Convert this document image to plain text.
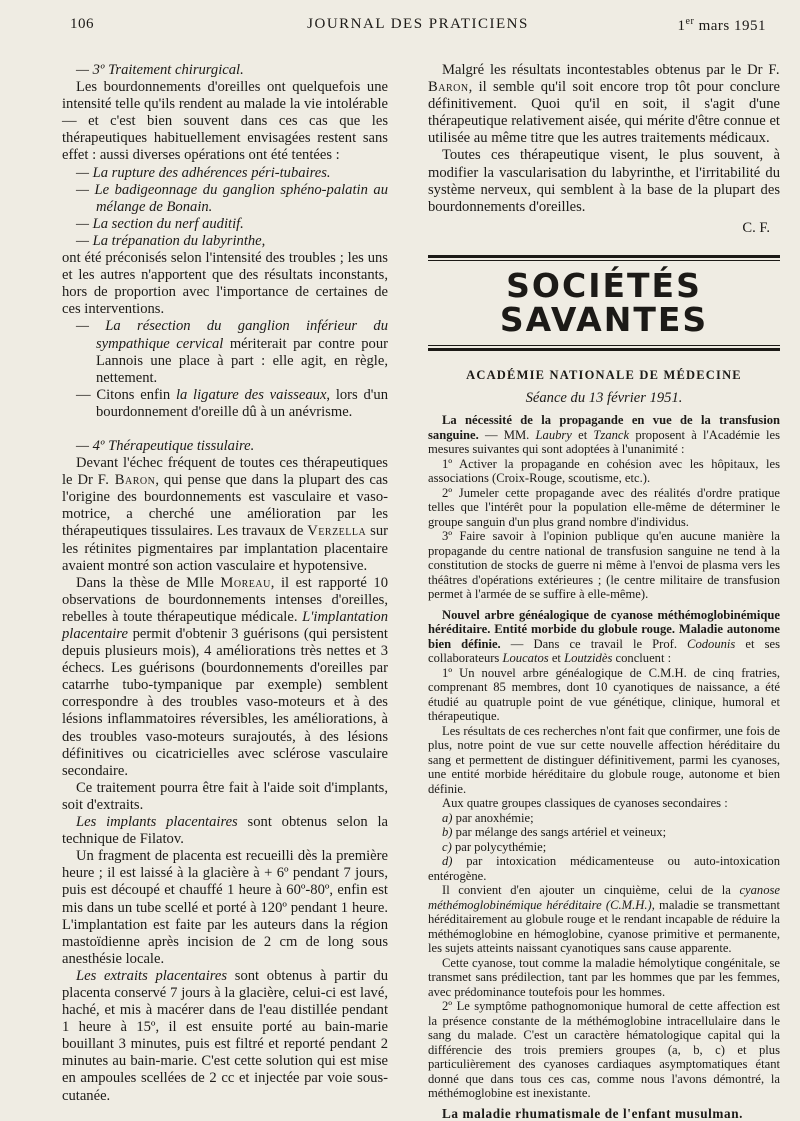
106	JOURNAL DES PRATICIENS	1er mars 1951

— 3º Traitement chirurgical.

Les bourdonnements d'oreilles ont quelquefois une intensité telle qu'ils rendent au malade la vie intolérable — et c'est bien souvent dans ces cas que les thérapeutiques habituellement envisagées restent sans effet : aussi diverses opérations ont été tentées :

— La rupture des adhérences péri-tubaires.

— Le badigeonnage du ganglion sphéno-palatin au mélange de Bonain.

— La section du nerf auditif.

— La trépanation du labyrinthe,

ont été préconisés selon l'intensité des troubles ; les uns et les autres n'apportent que des résultats inconstants, hors de proportion avec l'importance de certaines de ces interventions.

— La résection du ganglion inférieur du sympathique cervical mériterait par contre pour Lannois une place à part : elle agit, en règle, nettement.

— Citons enfin la ligature des vaisseaux, lors d'un bourdonnement d'oreille dû à un anévrisme.

— 4º Thérapeutique tissulaire.

Devant l'échec fréquent de toutes ces thérapeutiques le Dr F. Baron, qui pense que dans la plupart des cas l'origine des bourdonnements est vasculaire et vaso-motrice, a cherché une amélioration par les thérapeutiques tissulaires. Les travaux de Verzella sur les rétinites pigmentaires par implantation placentaire avaient montré son action vasculaire et hypotensive.

Dans la thèse de Mlle Moreau, il est rapporté 10 observations de bourdonnements intenses d'oreilles, rebelles à toute thérapeutique médicale. L'implantation placentaire permit d'obtenir 3 guérisons (qui persistent depuis plusieurs mois), 4 améliorations très nettes et 3 échecs. Les guérisons (bourdonnements d'oreilles par catarrhe tubo-tympanique par exemple) semblent correspondre à des troubles vaso-moteurs et à des lésions inflammatoires réversibles, les améliorations, à des troubles vaso-moteurs surajoutés, à des lésions définitives ou cicatricielles avec sclérose vasculaire secondaire.

Ce traitement pourra être fait à l'aide soit d'implants, soit d'extraits.

Les implants placentaires sont obtenus selon la technique de Filatov.

Un fragment de placenta est recueilli dès la première heure ; il est laissé à la glacière à + 6º pendant 7 jours, puis est découpé et chauffé 1 heure à 60º-80º, enfin est mis dans un tube scellé et porté à 120º pendant 1 heure. L'implantation est faite par les auteurs dans la région mastoïdienne après incision de 2 cm de long sous anesthésie locale.

Les extraits placentaires sont obtenus à partir du placenta conservé 7 jours à la glacière, celui-ci est lavé, haché, et mis à macérer dans de l'eau distillée pendant 1 heure à 15º, il est ensuite porté au bain-marie bouillant 3 minutes, puis est filtré et reporté pendant 2 minutes au bain-marie. C'est cette solution qui est mise en ampoules scellées de 2 cc et injectée par voie sous-cutanée.

Malgré les résultats incontestables obtenus par le Dr F. Baron, il semble qu'il soit encore trop tôt pour conclure définitivement. Quoi qu'il en soit, il s'agit d'une thérapeutique relativement aisée, qui mérite d'être connue et utilisée au même titre que les autres traitements médicaux.

Toutes ces thérapeutique visent, le plus souvent, à modifier la vascularisation du labyrinthe, et l'irritabilité du système nerveux, qui semblent à la base de la plupart des bourdonnements d'oreilles.

C. F.

SOCIÉTÉS SAVANTES

ACADÉMIE NATIONALE DE MÉDECINE

Séance du 13 février 1951.

La nécessité de la propagande en vue de la transfusion sanguine. — MM. Laubry et Tzanck proposent à l'Académie les mesures suivantes qui sont adoptées à l'unanimité :

1º Activer la propagande en cohésion avec les hôpitaux, les associations (Croix-Rouge, scoutisme, etc.).

2º Jumeler cette propagande avec des réalités d'ordre pratique telles que l'intérêt pour la population elle-même de déterminer le groupe sanguin d'un plus grand nombre d'individus.

3º Faire savoir à l'opinion publique qu'en aucune manière la propagande du centre national de transfusion sanguine ne tend à la constitution de stocks de guerre ni même à l'envoi de plasma vers les théâtres d'opérations extérieures ; (le centre militaire de transfusion permet à l'armée de se suffire à elle-même).

Nouvel arbre généalogique de cyanose méthémoglobinémique héréditaire. Entité morbide du globule rouge. Maladie autonome bien définie. — Dans ce travail le Prof. Codounis et ses collaborateurs Loucatos et Loutzidès concluent :

1º Un nouvel arbre généalogique de C.M.H. de cinq fratries, comprenant 85 membres, dont 10 cyanotiques de naissance, a été étudié au quatruple point de vue génétique, clinique, humoral et thérapeutique.

Les résultats de ces recherches n'ont fait que confirmer, une fois de plus, notre point de vue sur cette nouvelle affection héréditaire du sang et permettent de distinguer définitivement, parmi les cyanoses, une entité morbide héréditaire du globule rouge, autonome et bien définie.

Aux quatre groupes classiques de cyanoses secondaires :

a) par anoxhémie;

b) par mélange des sangs artériel et veineux;

c) par polycythémie;

d) par intoxication médicamenteuse ou auto-intoxication entérogène.

Il convient d'en ajouter un cinquième, celui de la cyanose méthémoglobinémique héréditaire (C.M.H.), maladie se transmettant héréditairement au globule rouge et le rendant incapable de réduire la méthémoglobine en hémoglobine, cyanose primitive et permanente, les sujets atteints naissant cyanotiques sans cause apparente.

Cette cyanose, tout comme la maladie hémolytique congénitale, se transmet sans prédilection, tant par les hommes que par les femmes, avec prédominance toutefois pour les hommes.

2º Le symptôme pathognomonique humoral de cette affection est la présence constante de la méthémoglobine intracellulaire dans le sang du malade. C'est un caractère hématologique capital qui la différencie des trois premiers groupes (a, b, c) et plus particulièrement des cyanoses cardiaques asymptomatiques étant donné que dans tous ces cas, comme nous l'avons démontré, la méthémoglobine est inexistante.

La maladie rhumatismale de l'enfant musulman.
